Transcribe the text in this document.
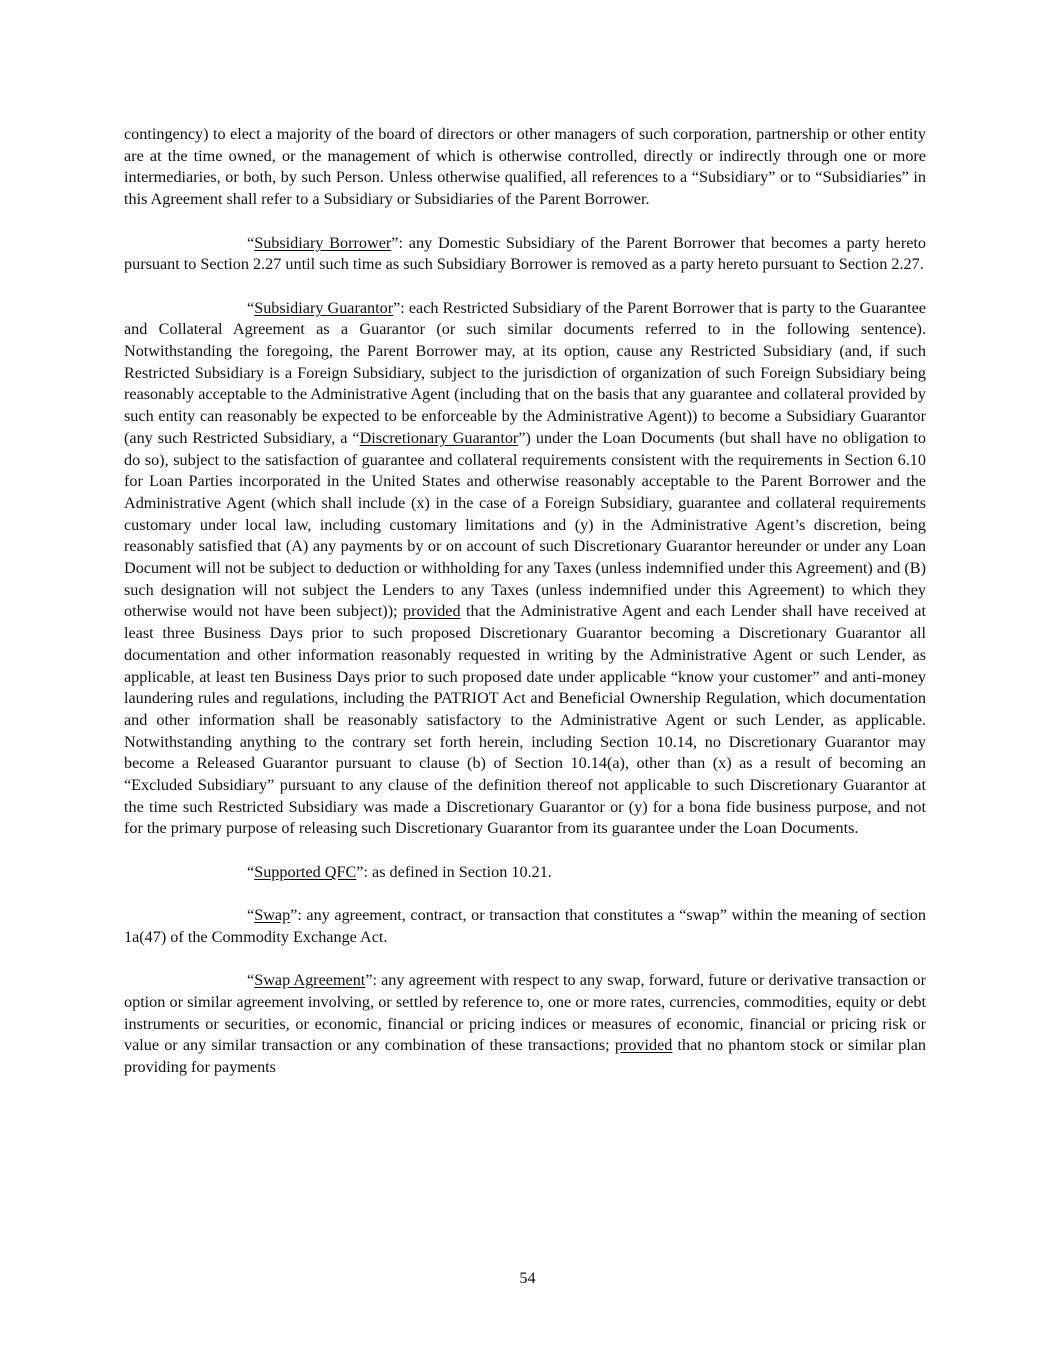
contingency) to elect a majority of the board of directors or other managers of such corporation, partnership or other entity are at the time owned, or the management of which is otherwise controlled, directly or indirectly through one or more intermediaries, or both, by such Person. Unless otherwise qualified, all references to a “Subsidiary” or to “Subsidiaries” in this Agreement shall refer to a Subsidiary or Subsidiaries of the Parent Borrower.

“Subsidiary Borrower”: any Domestic Subsidiary of the Parent Borrower that becomes a party hereto pursuant to Section 2.27 until such time as such Subsidiary Borrower is removed as a party hereto pursuant to Section 2.27.

“Subsidiary Guarantor”: each Restricted Subsidiary of the Parent Borrower that is party to the Guarantee and Collateral Agreement as a Guarantor (or such similar documents referred to in the following sentence). Notwithstanding the foregoing, the Parent Borrower may, at its option, cause any Restricted Subsidiary (and, if such Restricted Subsidiary is a Foreign Subsidiary, subject to the jurisdiction of organization of such Foreign Subsidiary being reasonably acceptable to the Administrative Agent (including that on the basis that any guarantee and collateral provided by such entity can reasonably be expected to be enforceable by the Administrative Agent)) to become a Subsidiary Guarantor (any such Restricted Subsidiary, a “Discretionary Guarantor”) under the Loan Documents (but shall have no obligation to do so), subject to the satisfaction of guarantee and collateral requirements consistent with the requirements in Section 6.10 for Loan Parties incorporated in the United States and otherwise reasonably acceptable to the Parent Borrower and the Administrative Agent (which shall include (x) in the case of a Foreign Subsidiary, guarantee and collateral requirements customary under local law, including customary limitations and (y) in the Administrative Agent’s discretion, being reasonably satisfied that (A) any payments by or on account of such Discretionary Guarantor hereunder or under any Loan Document will not be subject to deduction or withholding for any Taxes (unless indemnified under this Agreement) and (B) such designation will not subject the Lenders to any Taxes (unless indemnified under this Agreement) to which they otherwise would not have been subject)); provided that the Administrative Agent and each Lender shall have received at least three Business Days prior to such proposed Discretionary Guarantor becoming a Discretionary Guarantor all documentation and other information reasonably requested in writing by the Administrative Agent or such Lender, as applicable, at least ten Business Days prior to such proposed date under applicable “know your customer” and anti-money laundering rules and regulations, including the PATRIOT Act and Beneficial Ownership Regulation, which documentation and other information shall be reasonably satisfactory to the Administrative Agent or such Lender, as applicable. Notwithstanding anything to the contrary set forth herein, including Section 10.14, no Discretionary Guarantor may become a Released Guarantor pursuant to clause (b) of Section 10.14(a), other than (x) as a result of becoming an “Excluded Subsidiary” pursuant to any clause of the definition thereof not applicable to such Discretionary Guarantor at the time such Restricted Subsidiary was made a Discretionary Guarantor or (y) for a bona fide business purpose, and not for the primary purpose of releasing such Discretionary Guarantor from its guarantee under the Loan Documents.

“Supported QFC”: as defined in Section 10.21.

“Swap”: any agreement, contract, or transaction that constitutes a “swap” within the meaning of section 1a(47) of the Commodity Exchange Act.

“Swap Agreement”: any agreement with respect to any swap, forward, future or derivative transaction or option or similar agreement involving, or settled by reference to, one or more rates, currencies, commodities, equity or debt instruments or securities, or economic, financial or pricing indices or measures of economic, financial or pricing risk or value or any similar transaction or any combination of these transactions; provided that no phantom stock or similar plan providing for payments

54
